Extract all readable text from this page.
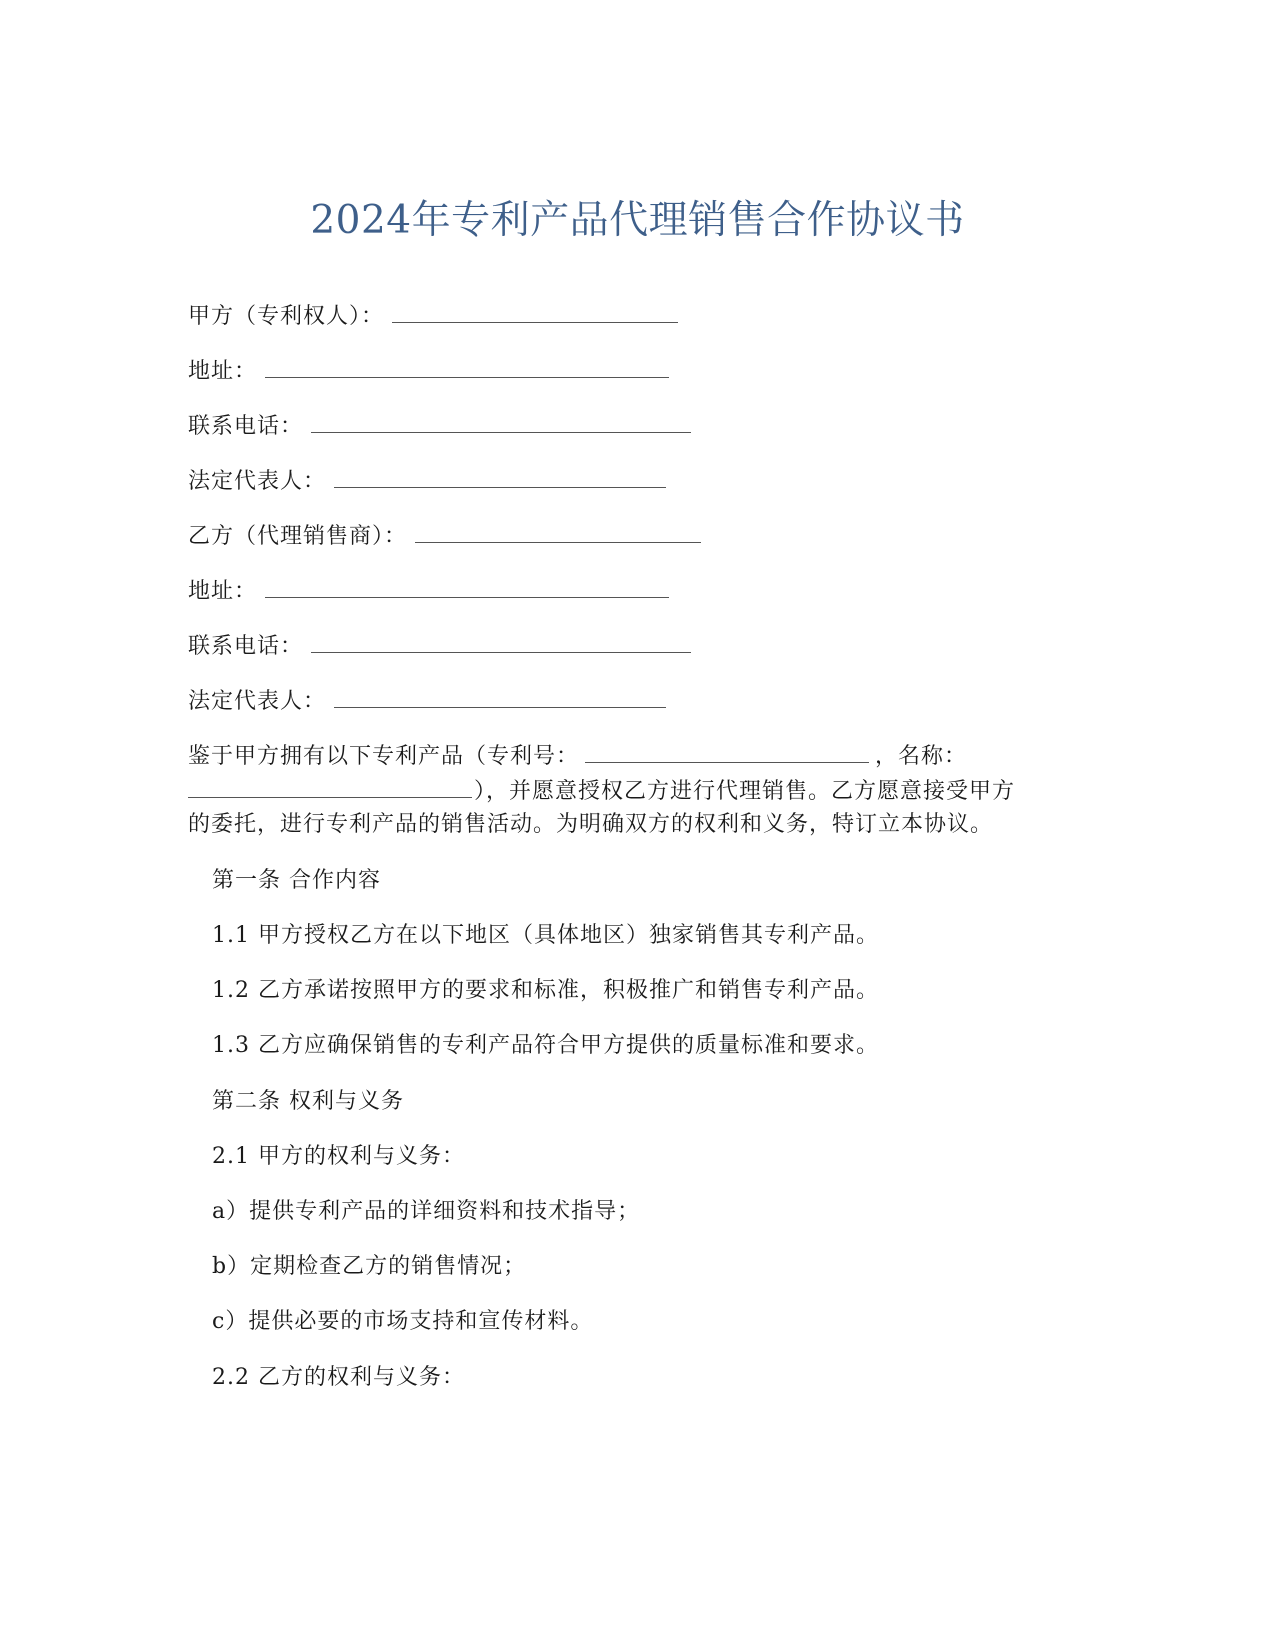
2024年专利产品代理销售合作协议书
甲方（专利权人）：
地址：
联系电话：
法定代表人：
乙方（代理销售商）：
地址：
联系电话：
法定代表人：
鉴于甲方拥有以下专利产品（专利号：	，名称：
），并愿意授权乙方进行代理销售。乙方愿意接受甲方
的委托，进行专利产品的销售活动。为明确双方的权利和义务，特订立本协议。
第一条 合作内容
1.1 甲方授权乙方在以下地区（具体地区）独家销售其专利产品。
1.2 乙方承诺按照甲方的要求和标准，积极推广和销售专利产品。
1.3 乙方应确保销售的专利产品符合甲方提供的质量标准和要求。
第二条 权利与义务
2.1 甲方的权利与义务：
a）提供专利产品的详细资料和技术指导；
b）定期检查乙方的销售情况；
c）提供必要的市场支持和宣传材料。
2.2 乙方的权利与义务：
